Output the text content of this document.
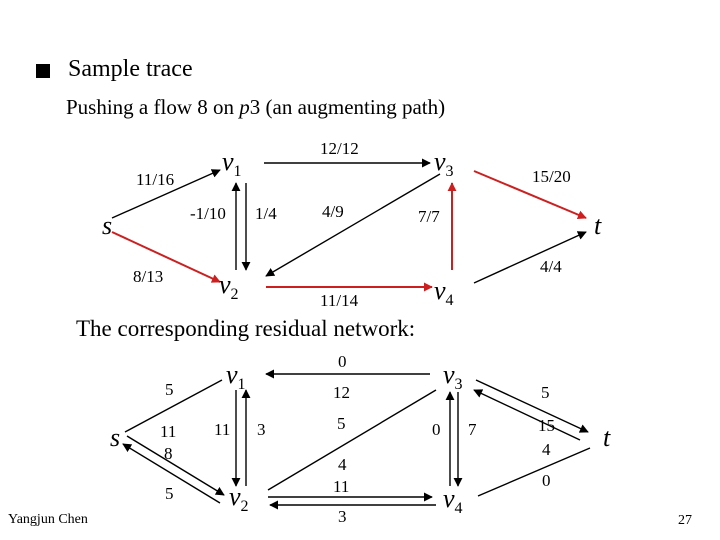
Sample trace
Pushing a flow 8 on p3 (an augmenting path)
$v_1$
$v_2$
$v_3$
$v_4$
s	t
11/16
8/13
-1/10 1/4
12/12
4/9	7/7
15/20
4/4
11/14
The corresponding residual network:
$v_1$
$v_2$
$v_3$
$v_4$
s	t
5
11
8
5
11 3
0
12
5
4
11
3
0 7
5
15
4
0
Yangjun Chen	27
